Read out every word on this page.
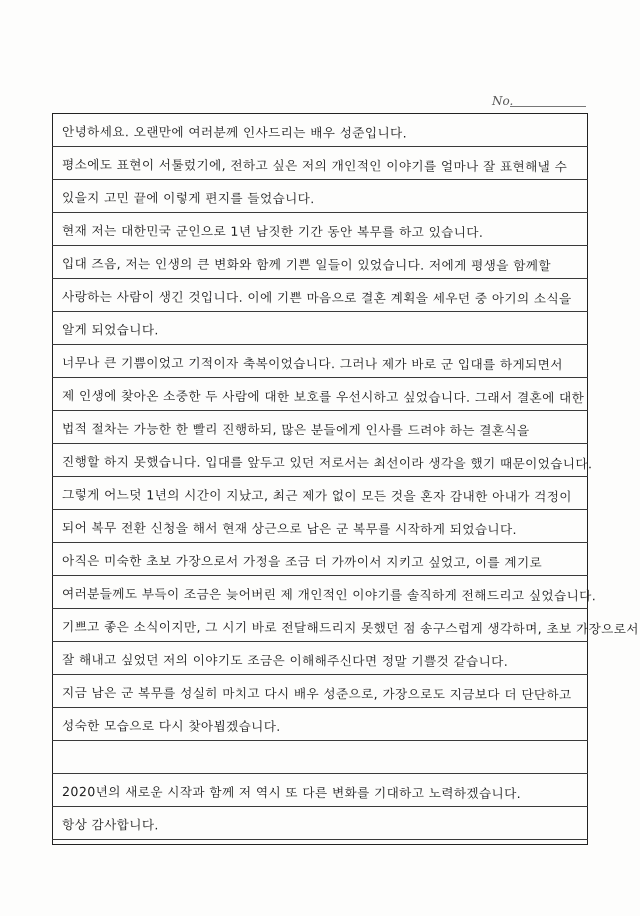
No.
안녕하세요. 오랜만에 여러분께 인사드리는 배우 성준입니다.
평소에도 표현이 서툴렀기에, 전하고 싶은 저의 개인적인 이야기를 얼마나 잘 표현해낼 수
있을지 고민 끝에 이렇게 편지를 들었습니다.
현재 저는 대한민국 군인으로 1년 남짓한 기간 동안 복무를 하고 있습니다.
입대 즈음, 저는 인생의 큰 변화와 함께 기쁜 일들이 있었습니다. 저에게 평생을 함께할
사랑하는 사람이 생긴 것입니다. 이에 기쁜 마음으로 결혼 계획을 세우던 중 아기의 소식을
알게 되었습니다.
너무나 큰 기쁨이었고 기적이자 축복이었습니다. 그러나 제가 바로 군 입대를 하게되면서
제 인생에 찾아온 소중한 두 사람에 대한 보호를 우선시하고 싶었습니다. 그래서 결혼에 대한
법적 절차는 가능한 한 빨리 진행하되, 많은 분들에게 인사를 드려야 하는 결혼식을
진행할 하지 못했습니다. 입대를 앞두고 있던 저로서는 최선이라 생각을 했기 때문이었습니다.
그렇게 어느덧 1년의 시간이 지났고, 최근 제가 없이 모든 것을 혼자 감내한 아내가 걱정이
되어 복무 전환 신청을 해서 현재 상근으로 남은 군 복무를 시작하게 되었습니다.
아직은 미숙한 초보 가장으로서 가정을 조금 더 가까이서 지키고 싶었고, 이를 계기로
여러분들께도 부득이 조금은 늦어버린 제 개인적인 이야기를 솔직하게 전해드리고 싶었습니다.
기쁘고 좋은 소식이지만, 그 시기 바로 전달해드리지 못했던 점 송구스럽게 생각하며, 초보 가장으로서
잘 해내고 싶었던 저의 이야기도 조금은 이해해주신다면 정말 기쁠것 같습니다.
지금 남은 군 복무를 성실히 마치고 다시 배우 성준으로, 가장으로도 지금보다 더 단단하고
성숙한 모습으로 다시 찾아뵙겠습니다.
2020년의 새로운 시작과 함께 저 역시 또 다른 변화를 기대하고 노력하겠습니다.
항상 감사합니다.
